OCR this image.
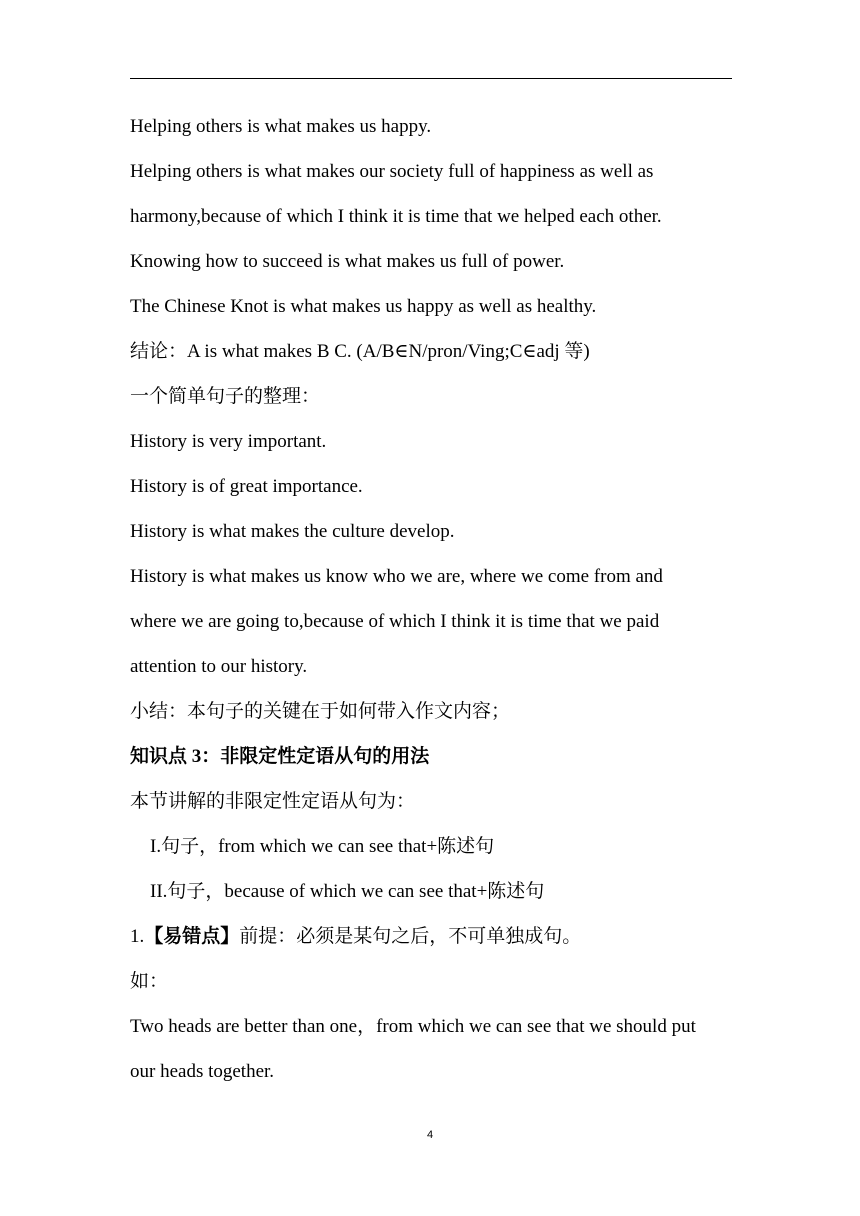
Helping others is what makes us happy.
Helping others is what makes our society full of happiness as well as
harmony,because of which I think it is time that we helped each other.
Knowing how to succeed is what makes us full of power.
The Chinese Knot is what makes us happy as well as healthy.
结论：A is what makes B C. (A/B∈N/pron/Ving;C∈adj 等)
一个简单句子的整理：
History is very important.
History is of great importance.
History is what makes the culture develop.
History is what makes us know who we are, where we come from and
where we are going to,because of which I think it is time that we paid
attention to our history.
小结：本句子的关键在于如何带入作文内容；
知识点 3：非限定性定语从句的用法
本节讲解的非限定性定语从句为：
I.句子，from which we can see that+陈述句
II.句子，because of which we can see that+陈述句
1.【易错点】前提：必须是某句之后，不可单独成句。
如：
Two heads are better than one，from which we can see that we should put
our heads together.
4
